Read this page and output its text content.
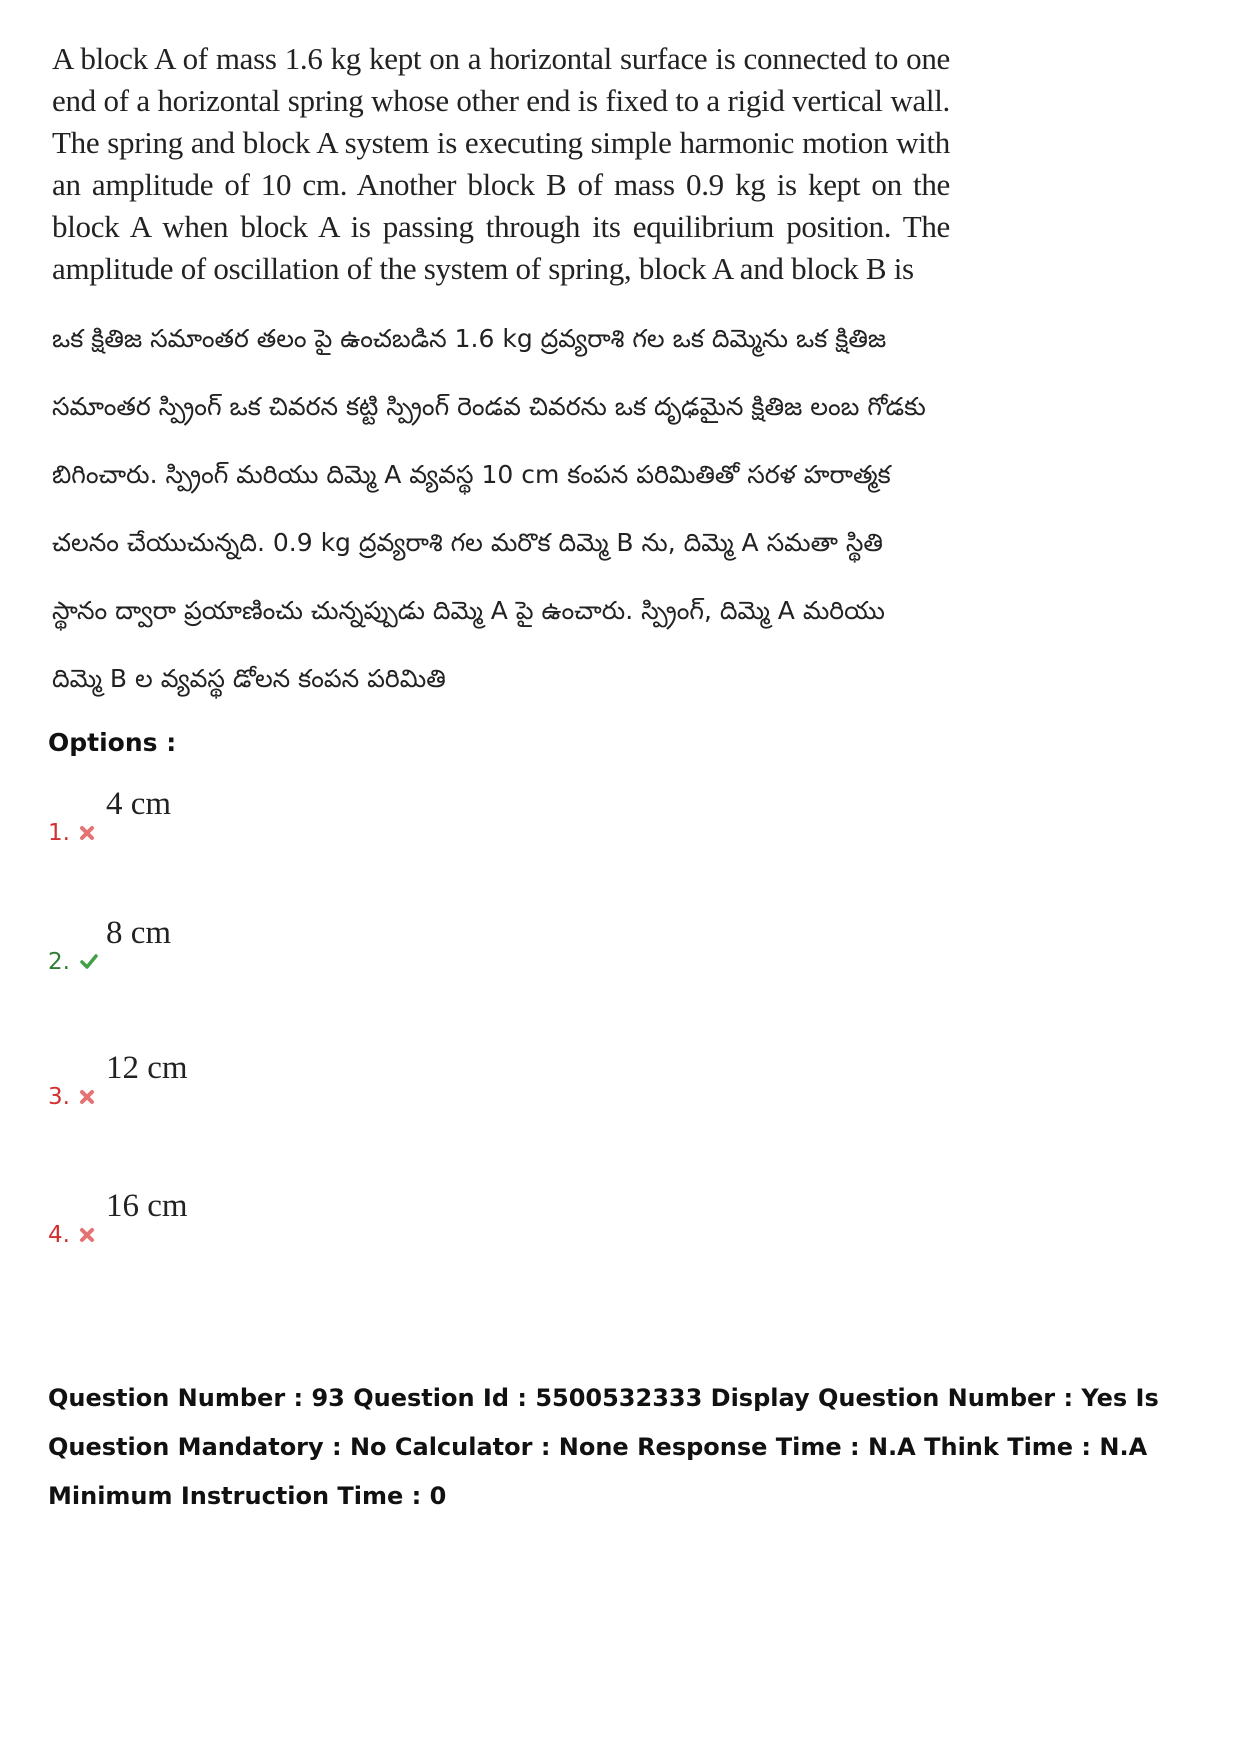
A block A of mass 1.6 kg kept on a horizontal surface is connected to one end of a horizontal spring whose other end is fixed to a rigid vertical wall. The spring and block A system is executing simple harmonic motion with an amplitude of 10 cm. Another block B of mass 0.9 kg is kept on the block A when block A is passing through its equilibrium position. The amplitude of oscillation of the system of spring, block A and block B is
ఒక క్షితిజ సమాంతర తలం పై ఉంచబడిన 1.6 kg ద్రవ్యరాశి గల ఒక దిమ్మెను ఒక క్షితిజ సమాంతర స్ప్రింగ్ ఒక చివరన కట్టి స్ప్రింగ్ రెండవ చివరను ఒక దృఢమైన క్షితిజ లంబ గోడకు బిగించారు. స్ప్రింగ్ మరియు దిమ్మె A వ్యవస్థ 10 cm కంపన పరిమితితో సరళ హరాత్మక చలనం చేయుచున్నది. 0.9 kg ద్రవ్యరాశి గల మరొక దిమ్మె B ను, దిమ్మె A సమతా స్థితి స్థానం ద్వారా ప్రయాణించు చున్నప్పుడు దిమ్మె A పై ఉంచారు. స్ప్రింగ్, దిమ్మె A మరియు దిమ్మె B ల వ్యవస్థ డోలన కంపన పరిమితి
Options :
1.
4 cm
2.
8 cm
3.
12 cm
4.
16 cm
Question Number : 93 Question Id : 5500532333 Display Question Number : Yes Is Question Mandatory : No Calculator : None Response Time : N.A Think Time : N.A Minimum Instruction Time : 0
